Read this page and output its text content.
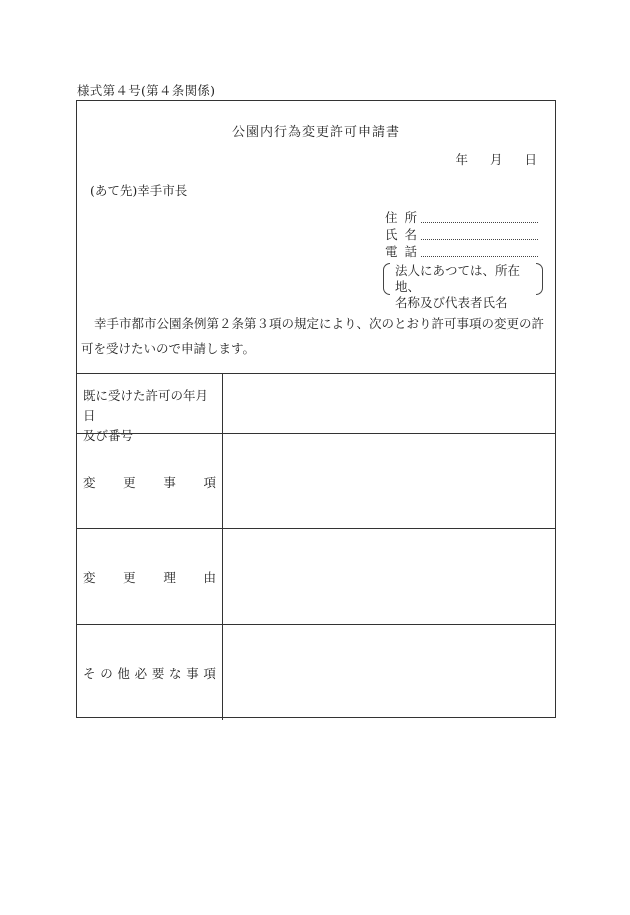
様式第４号(第４条関係)
公園内行為変更許可申請書
年 月 日
(あて先)幸手市長
住 所
氏 名
電 話
法人にあつては、所在地、
名称及び代表者氏名
幸手市都市公園条例第２条第３項の規定により、次のとおり許可事項の変更の許可を受けたいので申請します。
既に受けた許可の年月日
及び番号
変 更 事 項
変 更 理 由
そ の 他 必 要 な 事 項
